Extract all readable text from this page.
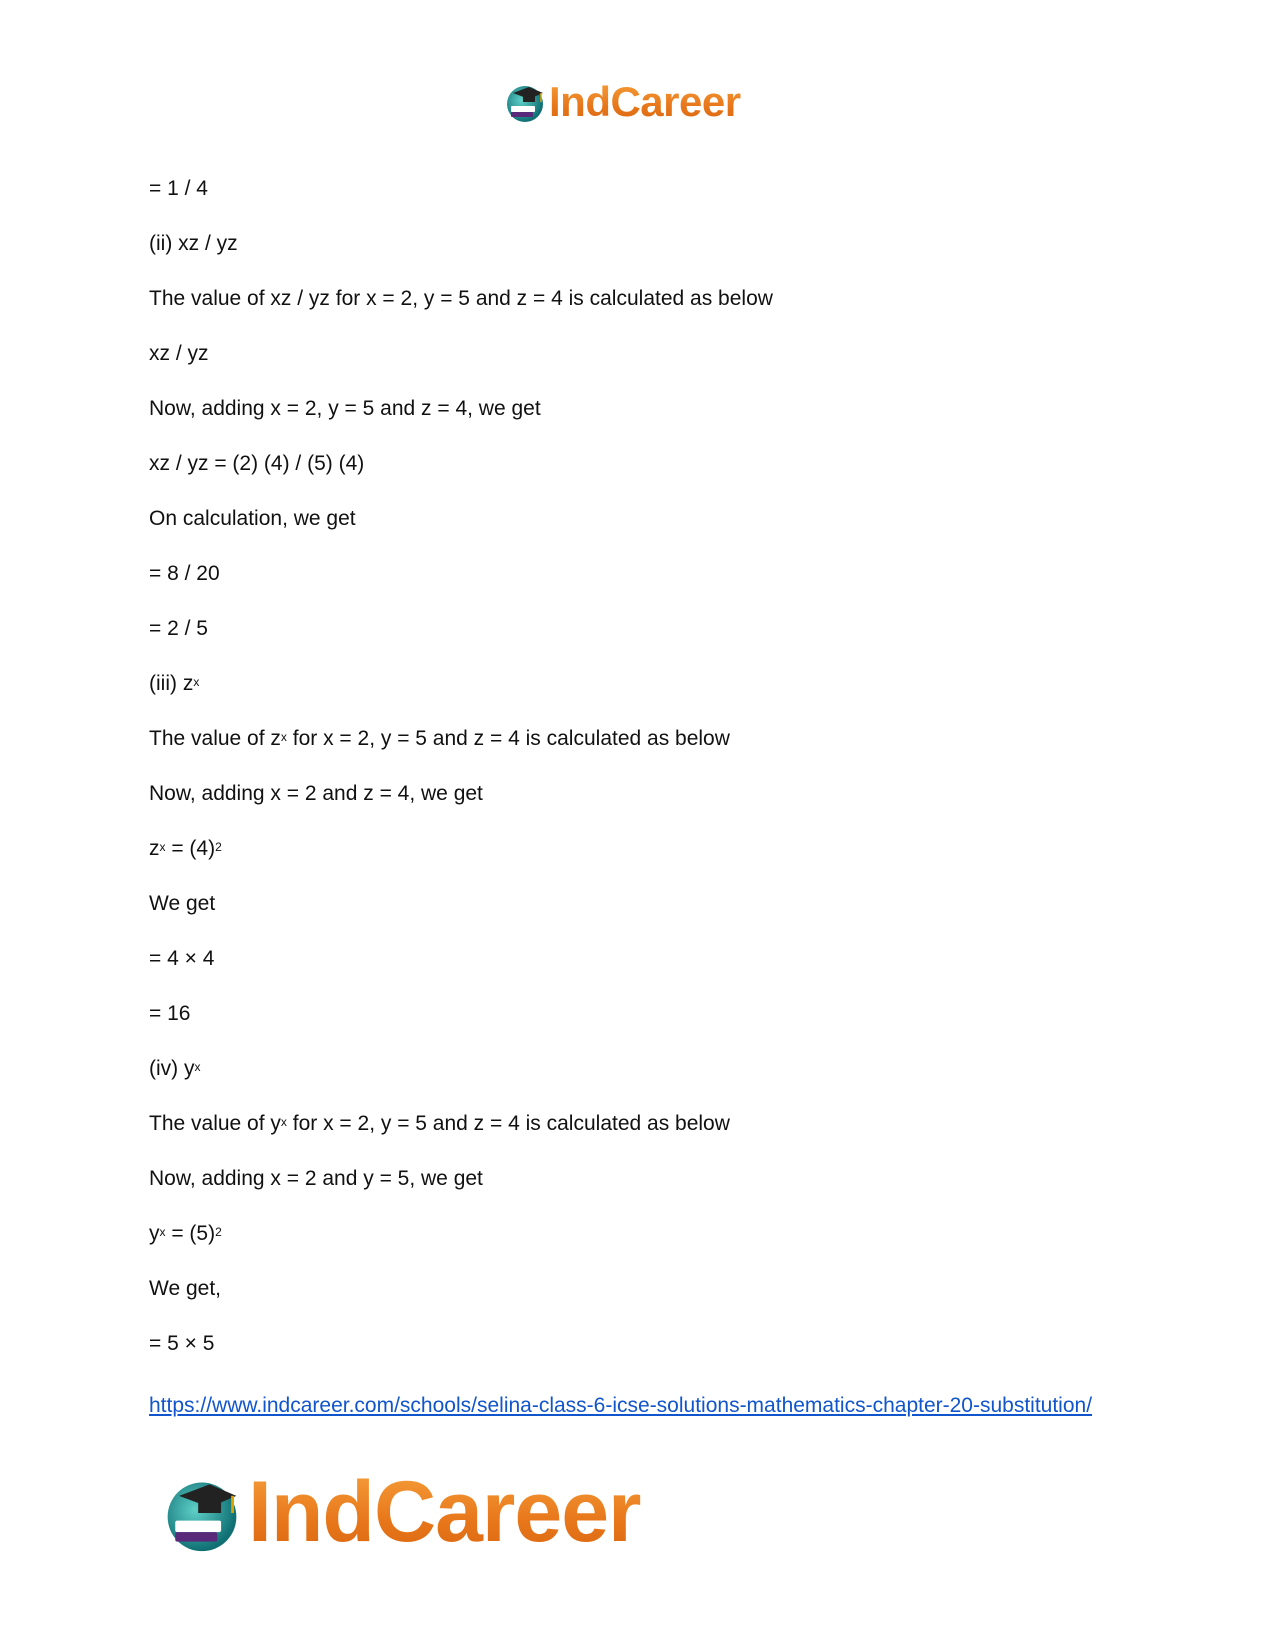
IndCareer
= 1 / 4
(ii) xz / yz
The value of xz / yz for x = 2, y = 5 and z = 4 is calculated as below
xz / yz
Now, adding x = 2, y = 5 and z = 4, we get
xz / yz = (2) (4) / (5) (4)
On calculation, we get
= 8 / 20
= 2 / 5
(iii) $z^x$
The value of $z^x$ for x = 2, y = 5 and z = 4 is calculated as below
Now, adding x = 2 and z = 4, we get
$z^x = (4)^2$
We get
= 4 × 4
= 16
(iv) $y^x$
The value of $y^x$ for x = 2, y = 5 and z = 4 is calculated as below
Now, adding x = 2 and y = 5, we get
$y^x = (5)^2$
We get,
= 5 × 5
https://www.indcareer.com/schools/selina-class-6-icse-solutions-mathematics-chapter-20-substitution/
IndCareer
